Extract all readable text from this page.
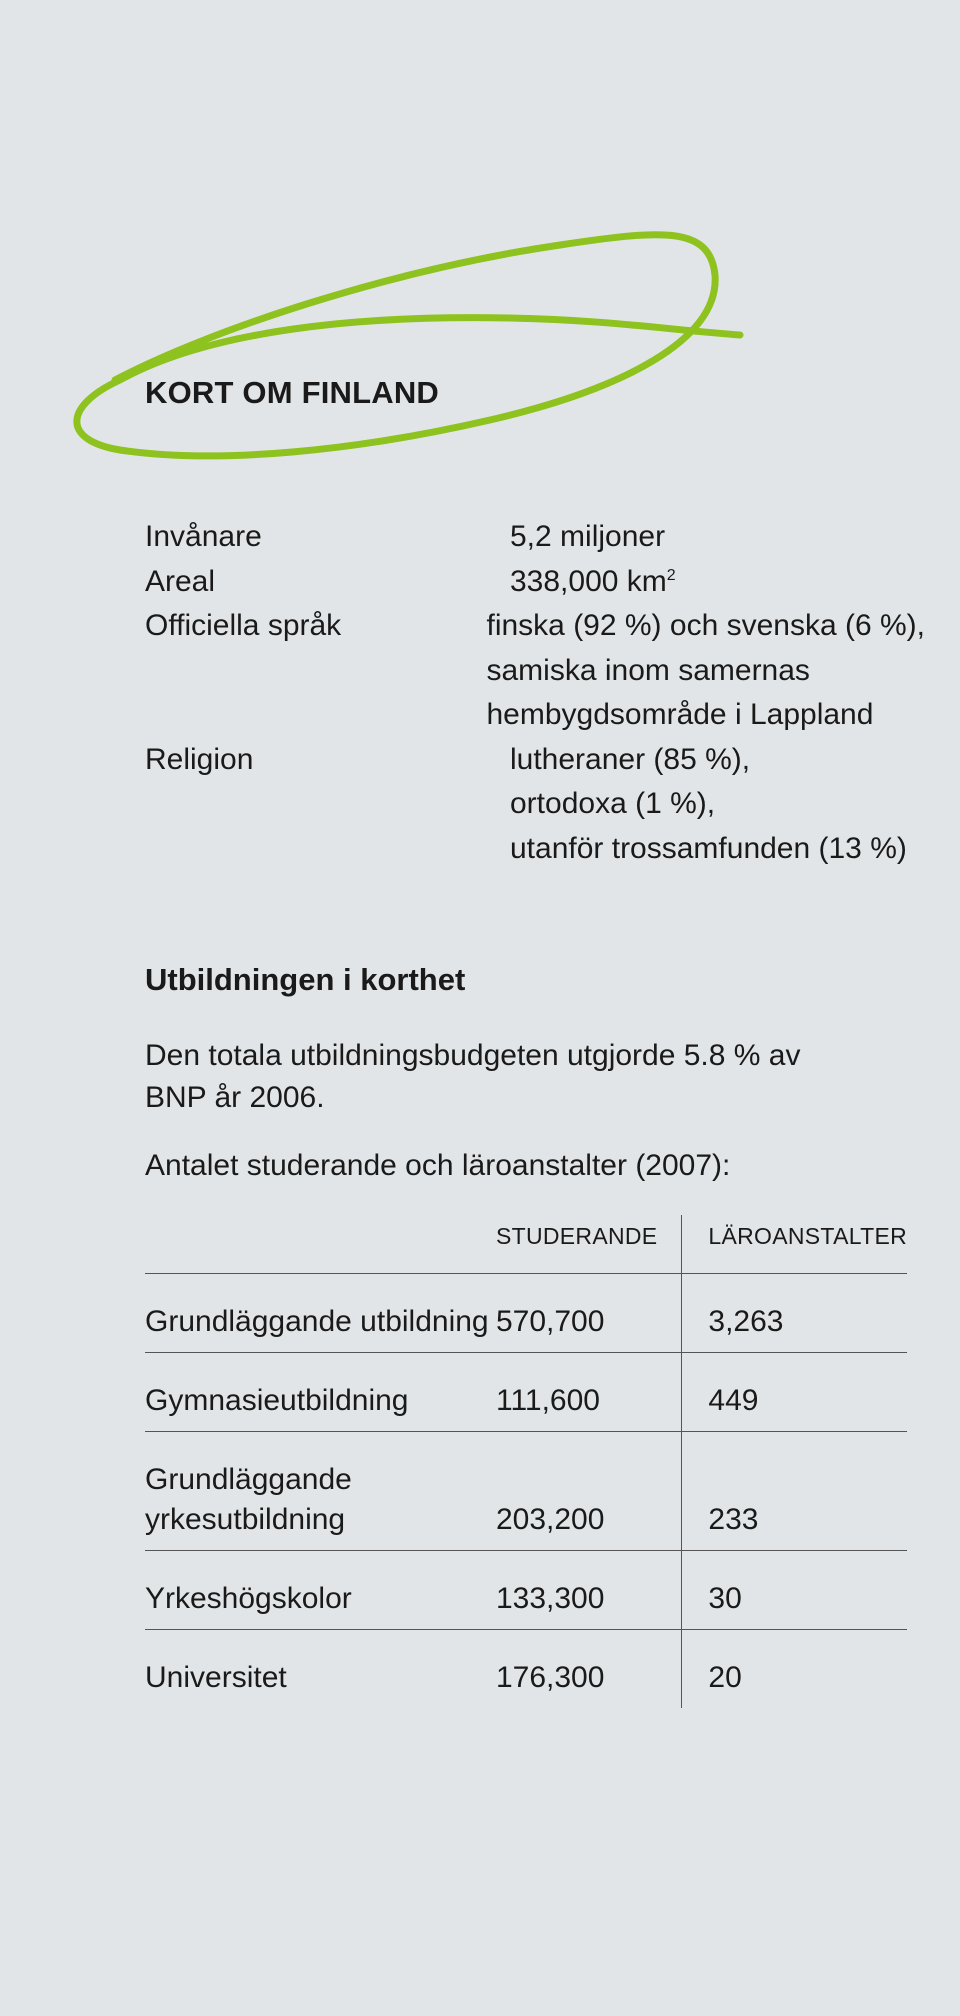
KORT OM FINLAND
Invånare	5,2 miljoner
Areal	338,000 $km^2$
Officiella språk	finska (92 %) och svenska (6 %),
samiska inom samernas
hembygdsområde i Lappland
Religion	lutheraner (85 %),
ortodoxa (1 %),
utanför trossamfunden (13 %)
Utbildningen i korthet

Den totala utbildningsbudgeten utgjorde 5.8 % av BNP år 2006.

Antalet studerande och läroanstalter (2007):

	STUDERANDE	LÄROANSTALTER
Grundläggande utbildning	570,700	3,263
Gymnasieutbildning	111,600	449

Grundläggande yrkesutbildning	203,200	233
Yrkeshögskolor	133,300	30
Universitet	176,300	20
